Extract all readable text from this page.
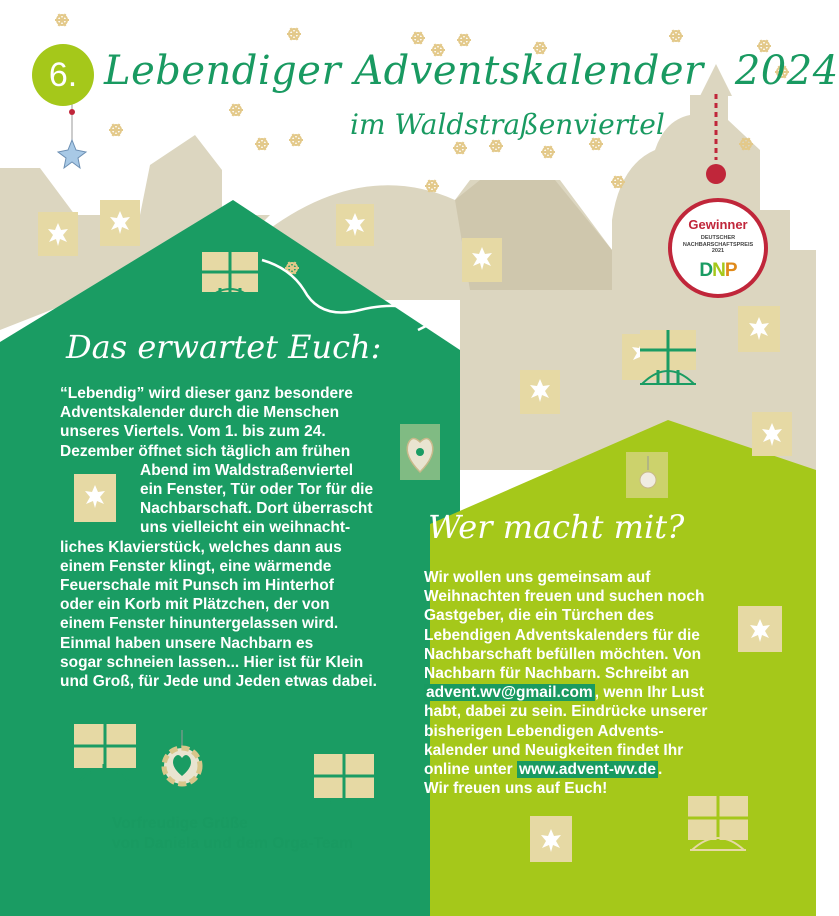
6. Lebendiger Adventskalender 2024
im Waldstraßenviertel
Gewinner
DEUTSCHER
NACHBARSCHAFTSPREIS
2021
DNP
Das erwartet Euch:
“Lebendig” wird dieser ganz besondere
Adventskalender durch die Menschen
unseres Viertels. Vom 1. bis zum 24.
Dezember öffnet sich täglich am frühen
Abend im Waldstraßenviertel
ein Fenster, Tür oder Tor für die
Nachbarschaft. Dort überrascht
uns vielleicht ein weihnacht-
liches Klavierstück, welches dann aus
einem Fenster klingt, eine wärmende
Feuerschale mit Punsch im Hinterhof
oder ein Korb mit Plätzchen, der von
einem Fenster hinuntergelassen wird.
Einmal haben unsere Nachbarn es
sogar schneien lassen... Hier ist für Klein
und Groß, für Jede und Jeden etwas dabei.
Vorfreudige Grüße
von Daniela und dem Orga-Team
Wer macht mit?
Wir wollen uns gemeinsam auf
Weihnachten freuen und suchen noch
Gastgeber, die ein Türchen des
Lebendigen Adventskalenders für die
Nachbarschaft befüllen möchten. Von
Nachbarn für Nachbarn. Schreibt an
advent.wv@gmail.com , wenn Ihr Lust
habt, dabei zu sein. Eindrücke unserer
bisherigen Lebendigen Advents-
kalender und Neuigkeiten findet Ihr
online unter www.advent-wv.de .
Wir freuen uns auf Euch!
